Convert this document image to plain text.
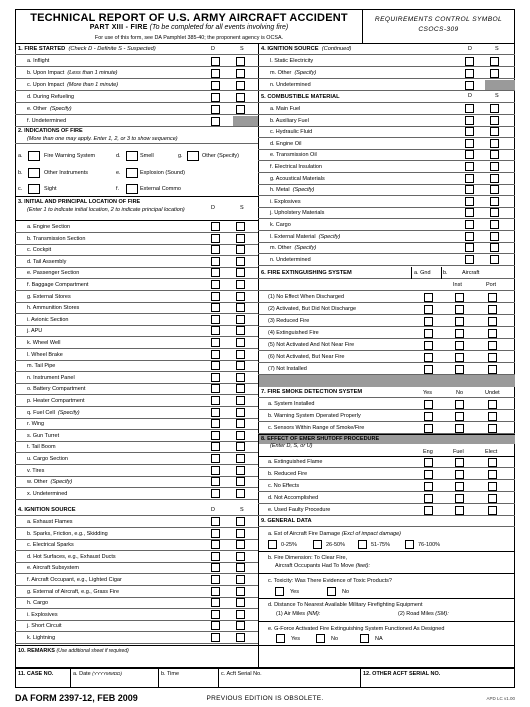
TECHNICAL REPORT OF U.S. ARMY AIRCRAFT ACCIDENT
PART XIII - FIRE (To be completed for all events involving fire)
For use of this form, see DA Pamphlet 385-40; the proponent agency is OCSA.
REQUIREMENTS CONTROL SYMBOL
CSOCS-309
1. FIRE STARTED
(Check D - Definite S - Suspected)	D	S
a. Inflight
b. Upon Impact
(Less than 1 minute)
c. Upon Impact
(More than 1 minute)
d. During Refueling
e. Other
(Specify)
f. Undetermined
2. INDICATIONS OF FIRE
(More than one may apply. Enter 1, 2, or 3 to show sequence)
a.	Fire Warning System	d.	Smell	g.	Other (Specify)
b.	Other Instruments	e.	Explosion (Sound)
c.	Sight	f.	External Commo
3. INITIAL AND PRINCIPAL LOCATION OF FIRE
(Enter 1 to indicate initial location, 2 to indicate principal location)	D	S
a. Engine Section
b. Transmission Section
c. Cockpit
d. Tail Assembly
e. Passenger Section
f. Baggage Compartment
g. External Stores
h. Ammunition Stores
i. Avionic Section
j. APU
k. Wheel Well
l. Wheel Brake
m. Tail Pipe
n. Instrument Panel
o. Battery Compartment
p. Heater Compartment
q. Fuel Cell
(Specify)
r. Wing
s. Gun Turret
t. Tail Boom
u. Cargo Section
v. Tires
w. Other
(Specify)
x. Undetermined
4. IGNITION SOURCE	D	S
a. Exhaust Flames
b. Sparks, Friction, e.g., Skidding
c. Electrical Sparks
d. Hot Surfaces, e.g., Exhaust Ducts
e. Aircraft Subsystem
f. Aircraft Occupant, e.g., Lighted Cigar
g. External of Aircraft, e.g., Grass Fire
h. Cargo
i. Explosives
j. Short Circuit
k. Lightning
4. IGNITION SOURCE
(Continued)	D	S
l. Static Electricity
m. Other
(Specify)
n. Undetermined
5. COMBUSTIBLE MATERIAL	D	S
a. Main Fuel
b. Auxiliary Fuel
c. Hydraulic Fluid
d. Engine Oil
e. Transmission Oil
f. Electrical Insulation
g. Acoustical Materials
h. Metal
(Specify)
i. Explosives
j. Upholstery Materials
k. Cargo
l. External Material
(Specify)
m. Other
(Specify)
n. Undetermined
6. FIRE EXTINGUISHING SYSTEM	a. Gnd b.	Aircraft
Inst	Port
(1) No Effect When Discharged
(2) Activated, But Did Not Discharge
(3) Reduced Fire
(4) Extinguished Fire
(5) Not Activated And Not Near Fire
(6) Not Activated, But Near Fire
(7) Not Installed
7. FIRE SMOKE DETECTION SYSTEM	Yes	No	Undet
a. System Installed
b. Warning System Operated Properly
c. Sensors Within Range of Smoke/Fire
8. EFFECT OF EMER SHUTOFF PROCEDURE
(Enter D, S, or U)
Eng	Fuel	Elect
a. Extinguished Flame
b. Reduced Fire
c. No Effects
d. Not Accomplished
e. Used Faulty Procedure
9. GENERAL DATA
a. Est of Aircraft Fire Damage (Excl of impact damage)
0-25%	26-50%	51-75%	76-100%
b. Fire Dimension: To Clear Fire,
Aircraft Occupants Had To Move (feet):
c. Toxicity: Was There Evidence of Toxic Products?
Yes	No
d. Distance To Nearest Available Military Firefighting Equipment
(1) Air Miles (NM):	(2) Road Miles (SM):
e. G-Force Activated Fire Extinguishing System Functioned As Designed
Yes	No	NA
10. REMARKS (Use additional sheet if required)
11. CASE NO.	a. Date (YYYYMMDD)	b. Time	c. Acft Serial No.	12. OTHER ACFT SERIAL NO.
DA FORM 2397-12, FEB 2009	PREVIOUS EDITION IS OBSOLETE.	APD LC v1.00
